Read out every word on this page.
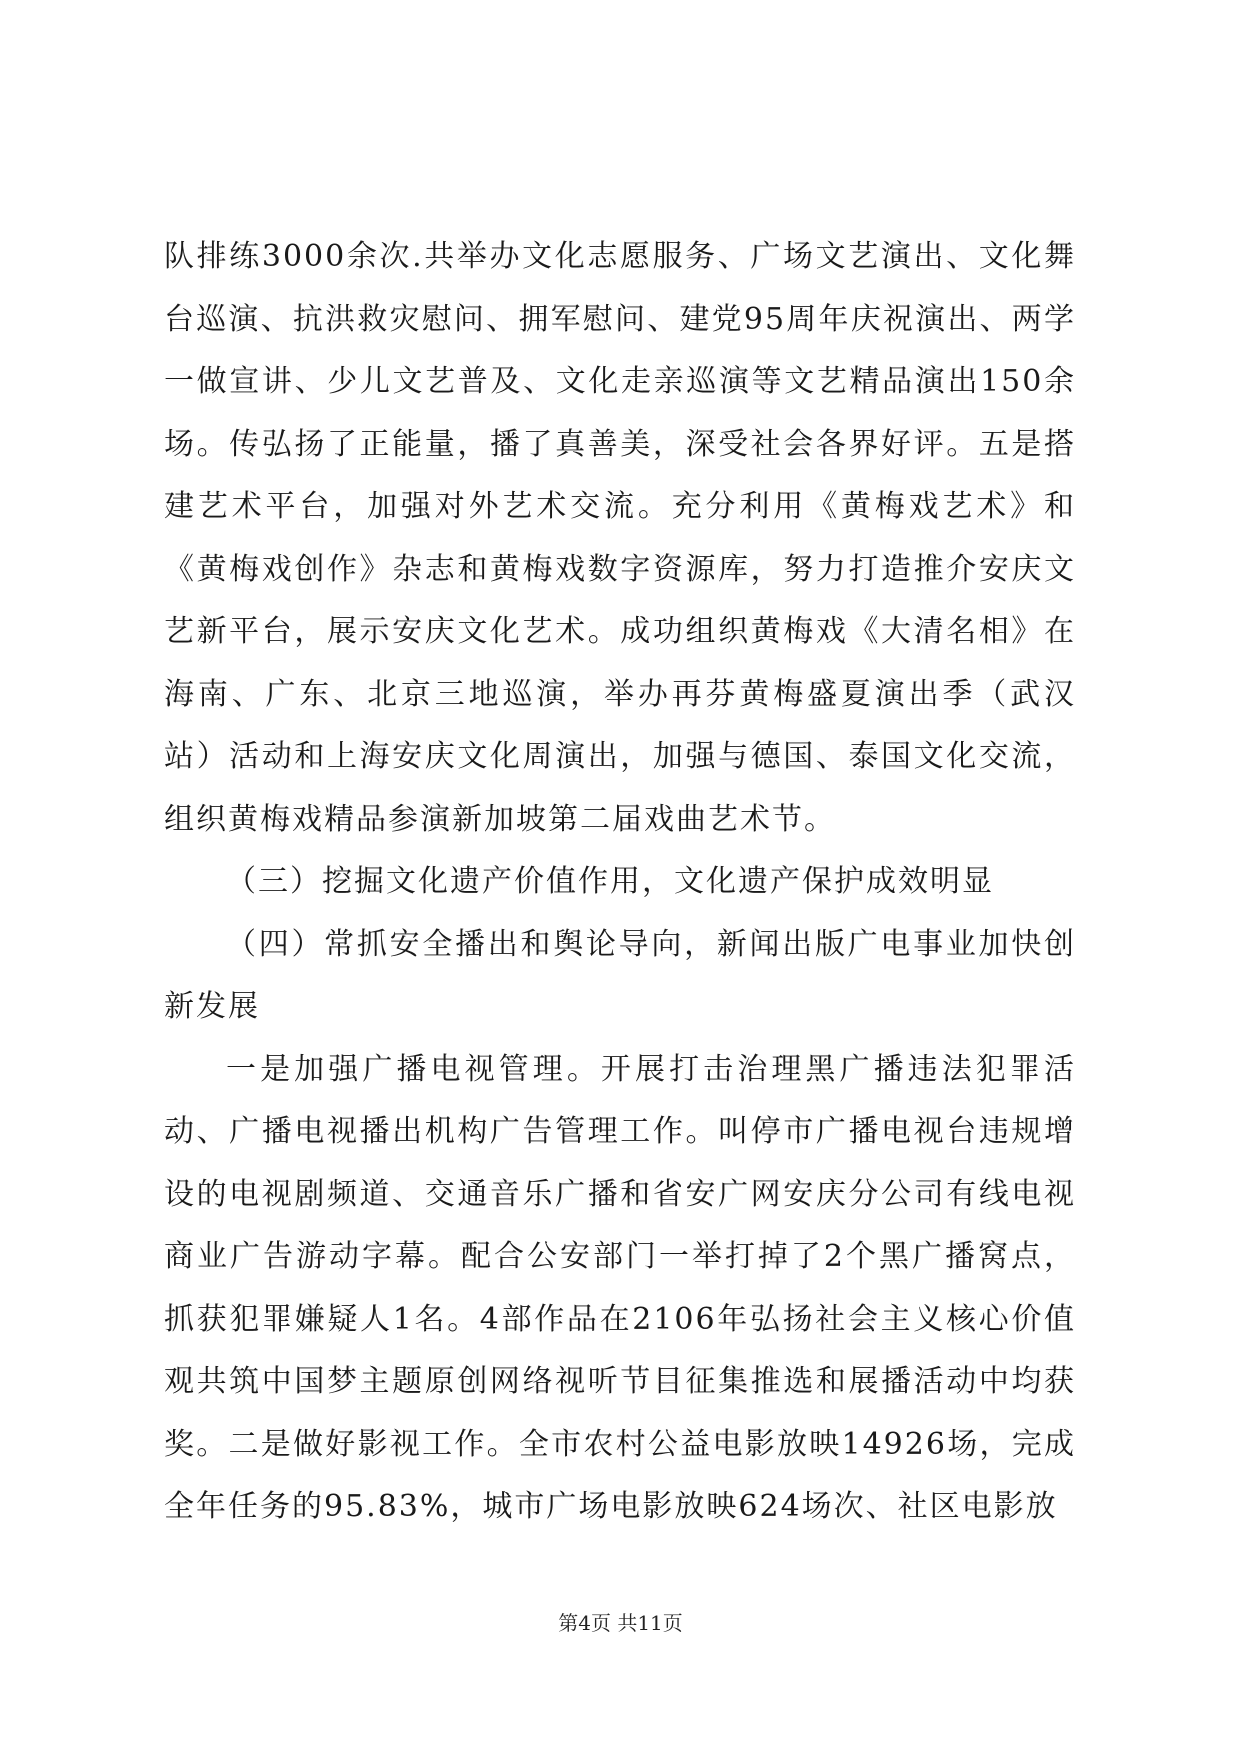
队排练3000余次.共举办文化志愿服务、广场文艺演出、文化舞台巡演、抗洪救灾慰问、拥军慰问、建党95周年庆祝演出、两学一做宣讲、少儿文艺普及、文化走亲巡演等文艺精品演出150余场。传弘扬了正能量，播了真善美，深受社会各界好评。五是搭建艺术平台，加强对外艺术交流。充分利用《黄梅戏艺术》和《黄梅戏创作》杂志和黄梅戏数字资源库，努力打造推介安庆文艺新平台，展示安庆文化艺术。成功组织黄梅戏《大清名相》在海南、广东、北京三地巡演，举办再芬黄梅盛夏演出季（武汉站）活动和上海安庆文化周演出，加强与德国、泰国文化交流，组织黄梅戏精品参演新加坡第二届戏曲艺术节。

（三）挖掘文化遗产价值作用，文化遗产保护成效明显

（四）常抓安全播出和舆论导向，新闻出版广电事业加快创新发展

一是加强广播电视管理。开展打击治理黑广播违法犯罪活动、广播电视播出机构广告管理工作。叫停市广播电视台违规增设的电视剧频道、交通音乐广播和省安广网安庆分公司有线电视商业广告游动字幕。配合公安部门一举打掉了2个黑广播窝点，抓获犯罪嫌疑人1名。4部作品在2106年弘扬社会主义核心价值观共筑中国梦主题原创网络视听节目征集推选和展播活动中均获奖。二是做好影视工作。全市农村公益电影放映14926场，完成全年任务的95.83%，城市广场电影放映624场次、社区电影放

第4页 共11页
